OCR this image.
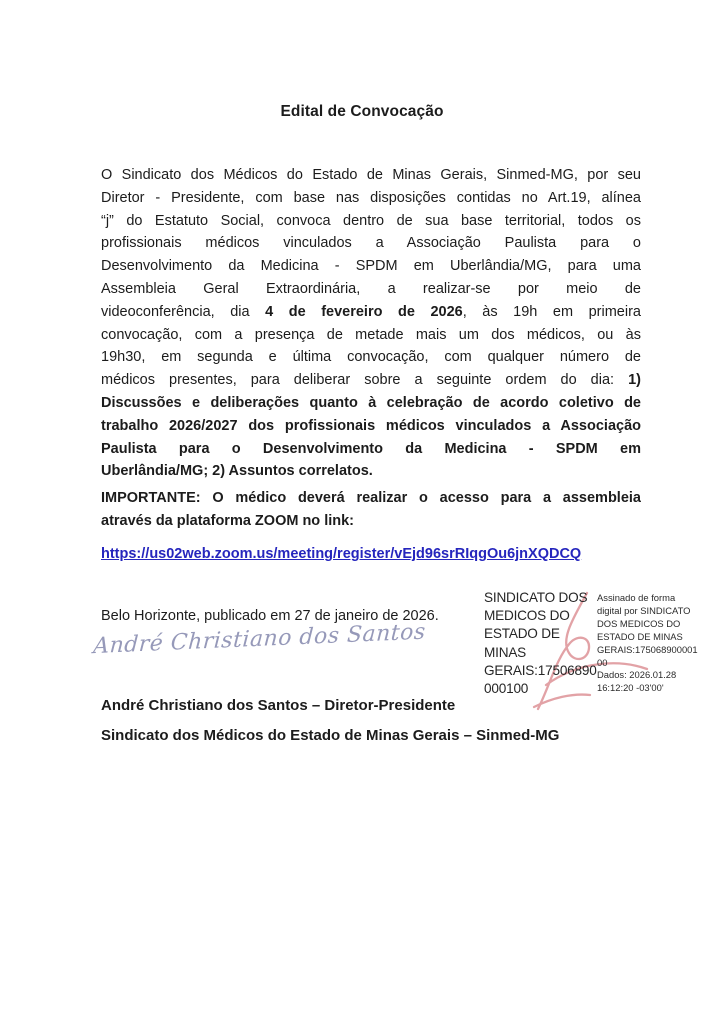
Edital de Convocação
O Sindicato dos Médicos do Estado de Minas Gerais, Sinmed-MG, por seu
Diretor - Presidente, com base nas disposições contidas no Art.19, alínea
“j” do Estatuto Social, convoca dentro de sua base territorial, todos os
profissionais médicos vinculados a Associação Paulista para o
Desenvolvimento da Medicina - SPDM em Uberlândia/MG, para uma
Assembleia Geral Extraordinária, a realizar-se por meio de
videoconferência, dia 4 de fevereiro de 2026, às 19h em primeira
convocação, com a presença de metade mais um dos médicos, ou às
19h30, em segunda e última convocação, com qualquer número de
médicos presentes, para deliberar sobre a seguinte ordem do dia: 1)
Discussões e deliberações quanto à celebração de acordo coletivo de
trabalho 2026/2027 dos profissionais médicos vinculados a Associação
Paulista para o Desenvolvimento da Medicina - SPDM em
Uberlândia/MG; 2) Assuntos correlatos.
IMPORTANTE: O médico deverá realizar o acesso para a assembleia
através da plataforma ZOOM no link:
https://us02web.zoom.us/meeting/register/vEjd96srRIqgOu6jnXQDCQ
Belo Horizonte, publicado em 27 de janeiro de 2026.
André Christiano dos Santos
SINDICATO DOS
MEDICOS DO
ESTADO DE
MINAS
GERAIS:17506890
000100
Assinado de forma
digital por SINDICATO
DOS MEDICOS DO
ESTADO DE MINAS
GERAIS:175068900001
00
Dados: 2026.01.28
16:12:20 -03'00'
André Christiano dos Santos – Diretor-Presidente
Sindicato dos Médicos do Estado de Minas Gerais – Sinmed-MG
